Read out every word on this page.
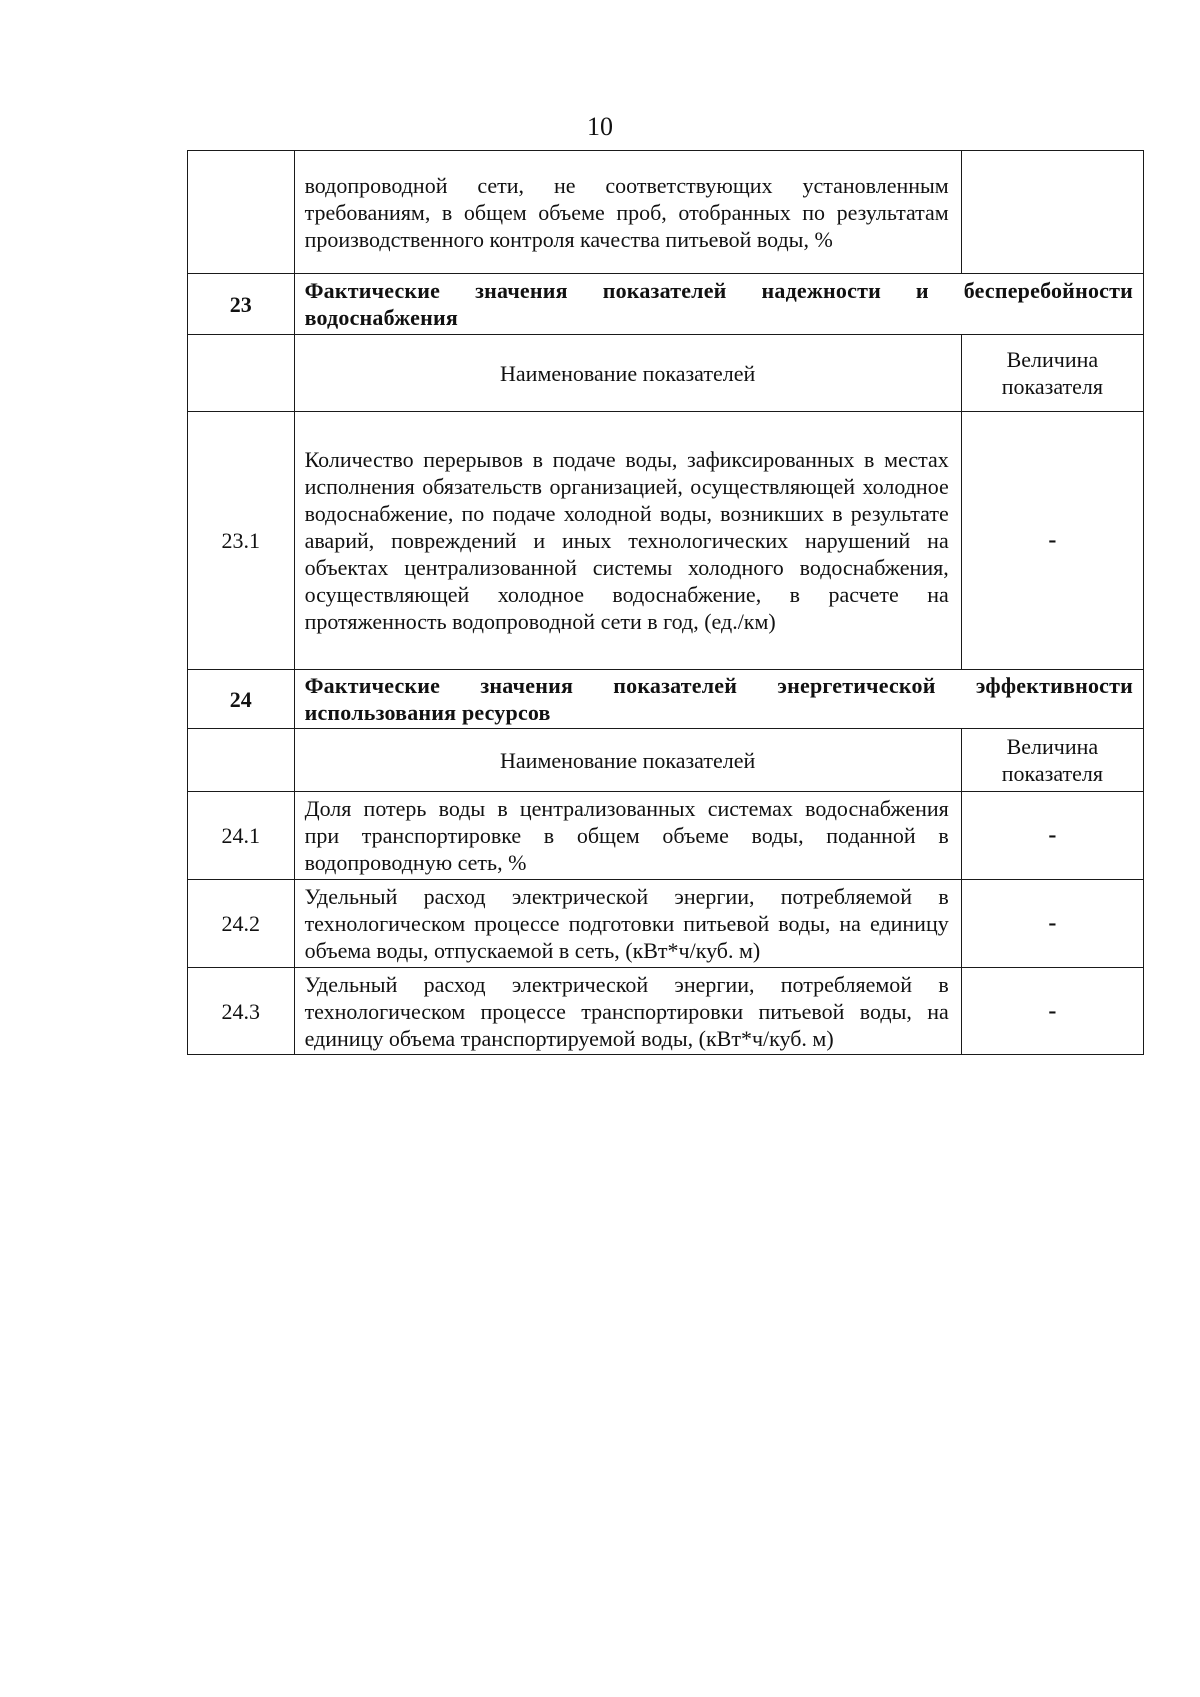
10
	водопроводной сети, не соответствующих установленным требованиям, в общем объеме проб, отобранных по результатам производственного контроля качества питьевой воды, %	
23	Фактические значения показателей надежности и бесперебойности водоснабжения	
	Наименование показателей	Величина показателя
23.1	Количество перерывов в подаче воды, зафиксированных в местах исполнения обязательств организацией, осуществляющей холодное водоснабжение, по подаче холодной воды, возникших в результате аварий, повреждений и иных технологических нарушений на объектах централизованной системы холодного водоснабжения, осуществляющей холодное водоснабжение, в расчете на протяженность водопроводной сети в год, (ед./км)	-
24	Фактические значения показателей энергетической эффективности использования ресурсов	
	Наименование показателей	Величина показателя
24.1	Доля потерь воды в централизованных системах водоснабжения при транспортировке в общем объеме воды, поданной в водопроводную сеть, %	-
24.2	Удельный расход электрической энергии, потребляемой в технологическом процессе подготовки питьевой воды, на единицу объема воды, отпускаемой в сеть, (кВт*ч/куб. м)	-
24.3	Удельный расход электрической энергии, потребляемой в технологическом процессе транспортировки питьевой воды, на единицу объема транспортируемой воды, (кВт*ч/куб. м)	-
